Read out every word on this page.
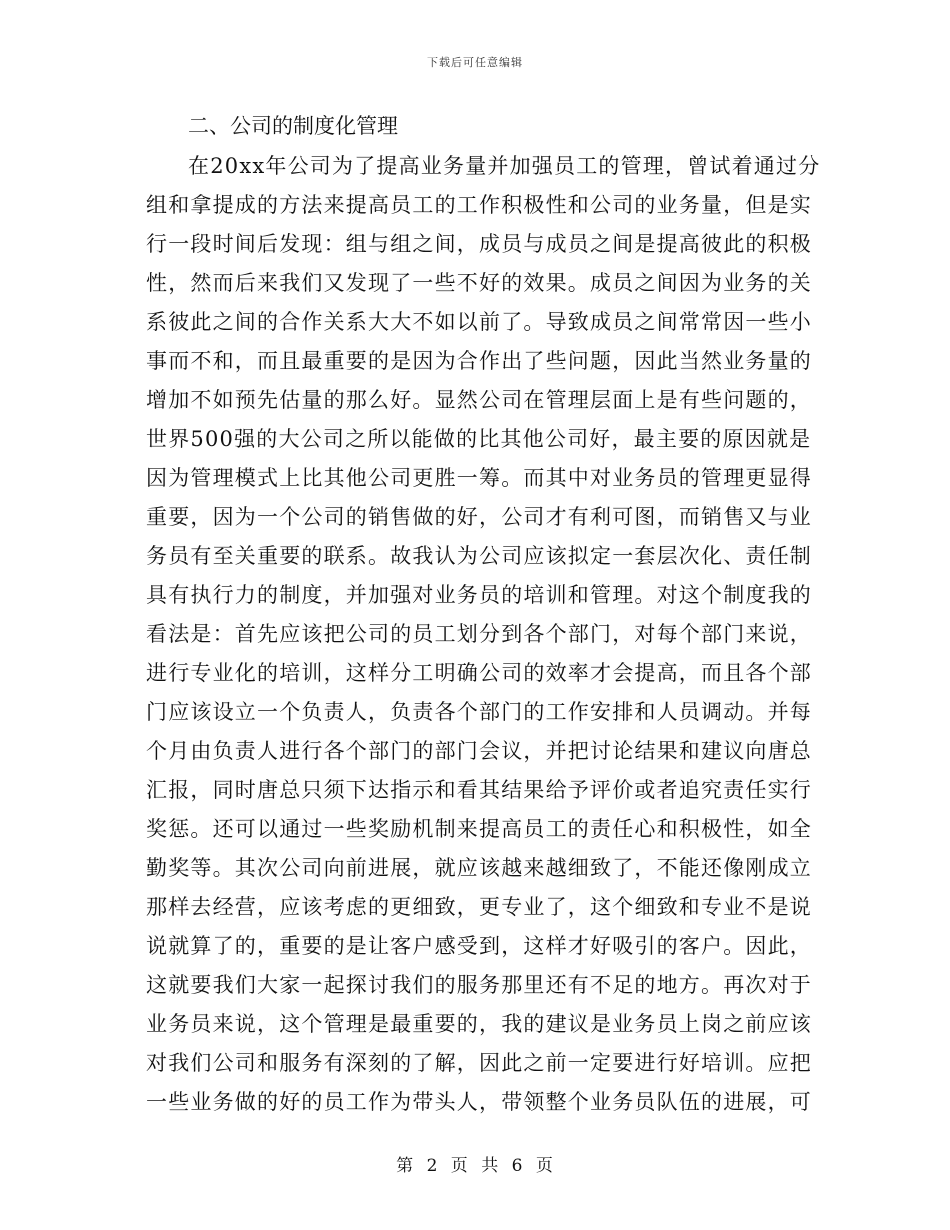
下载后可任意编辑
二、公司的制度化管理
在20xx年公司为了提高业务量并加强员工的管理，曾试着通过分
组和拿提成的方法来提高员工的工作积极性和公司的业务量，但是实
行一段时间后发现：组与组之间，成员与成员之间是提高彼此的积极
性，然而后来我们又发现了一些不好的效果。成员之间因为业务的关
系彼此之间的合作关系大大不如以前了。导致成员之间常常因一些小
事而不和，而且最重要的是因为合作出了些问题，因此当然业务量的
增加不如预先估量的那么好。显然公司在管理层面上是有些问题的，
世界500强的大公司之所以能做的比其他公司好，最主要的原因就是
因为管理模式上比其他公司更胜一筹。而其中对业务员的管理更显得
重要，因为一个公司的销售做的好，公司才有利可图，而销售又与业
务员有至关重要的联系。故我认为公司应该拟定一套层次化、责任制
具有执行力的制度，并加强对业务员的培训和管理。对这个制度我的
看法是：首先应该把公司的员工划分到各个部门，对每个部门来说，
进行专业化的培训，这样分工明确公司的效率才会提高，而且各个部
门应该设立一个负责人，负责各个部门的工作安排和人员调动。并每
个月由负责人进行各个部门的部门会议，并把讨论结果和建议向唐总
汇报，同时唐总只须下达指示和看其结果给予评价或者追究责任实行
奖惩。还可以通过一些奖励机制来提高员工的责任心和积极性，如全
勤奖等。其次公司向前进展，就应该越来越细致了，不能还像刚成立
那样去经营，应该考虑的更细致，更专业了，这个细致和专业不是说
说就算了的，重要的是让客户感受到，这样才好吸引的客户。因此，
这就要我们大家一起探讨我们的服务那里还有不足的地方。再次对于
业务员来说，这个管理是最重要的，我的建议是业务员上岗之前应该
对我们公司和服务有深刻的了解，因此之前一定要进行好培训。应把
一些业务做的好的员工作为带头人，带领整个业务员队伍的进展，可
第 2 页 共 6 页
